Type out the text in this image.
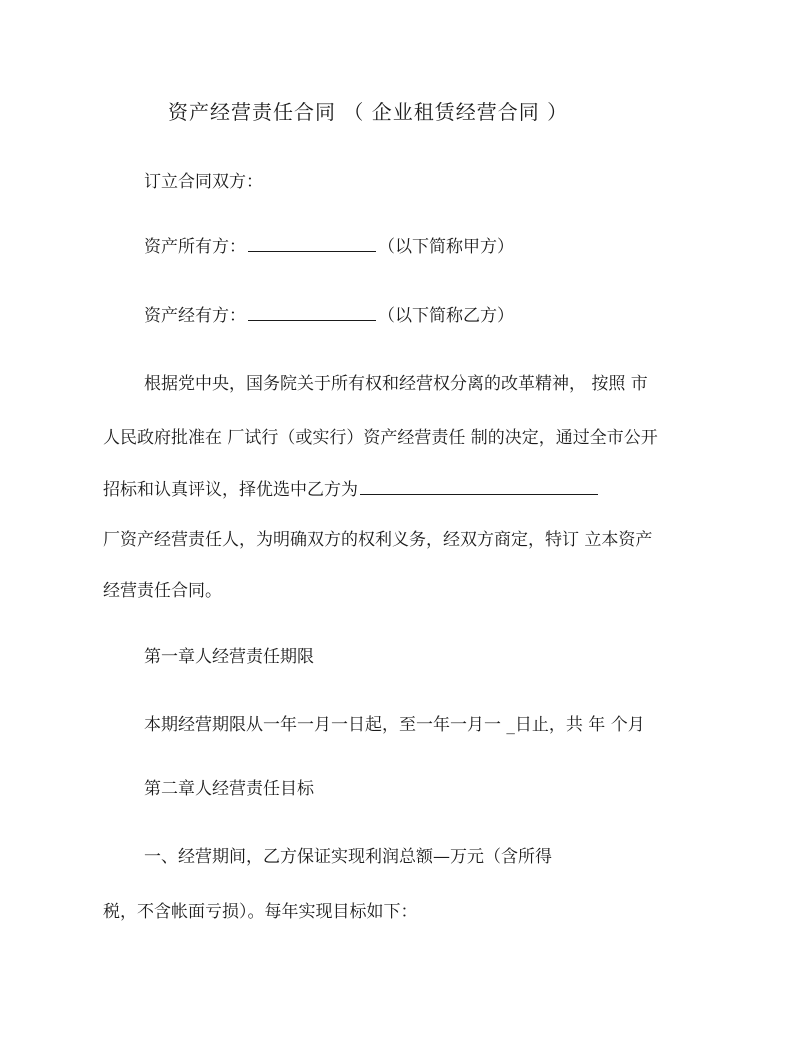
资产经营责任合同 （ 企业租赁经营合同 ）

订立合同双方：

资产所有方：	（以下简称甲方）

资产经有方：	（以下简称乙方）

根据党中央，国务院关于所有权和经营权分离的改革精神， 按照 市

人民政府批准在 厂试行（或实行）资产经营责任 制的决定，通过全市公开

招标和认真评议，择优选中乙方为

厂资产经营责任人，为明确双方的权利义务，经双方商定，特订 立本资产

经营责任合同。

第一章人经营责任期限

本期经营期限从一年一月一日起，至一年一月一 _日止，共 年 个月

第二章人经营责任目标

一、经营期间，乙方保证实现利润总额—万元（含所得

税，不含帐面亏损）。每年实现目标如下：
